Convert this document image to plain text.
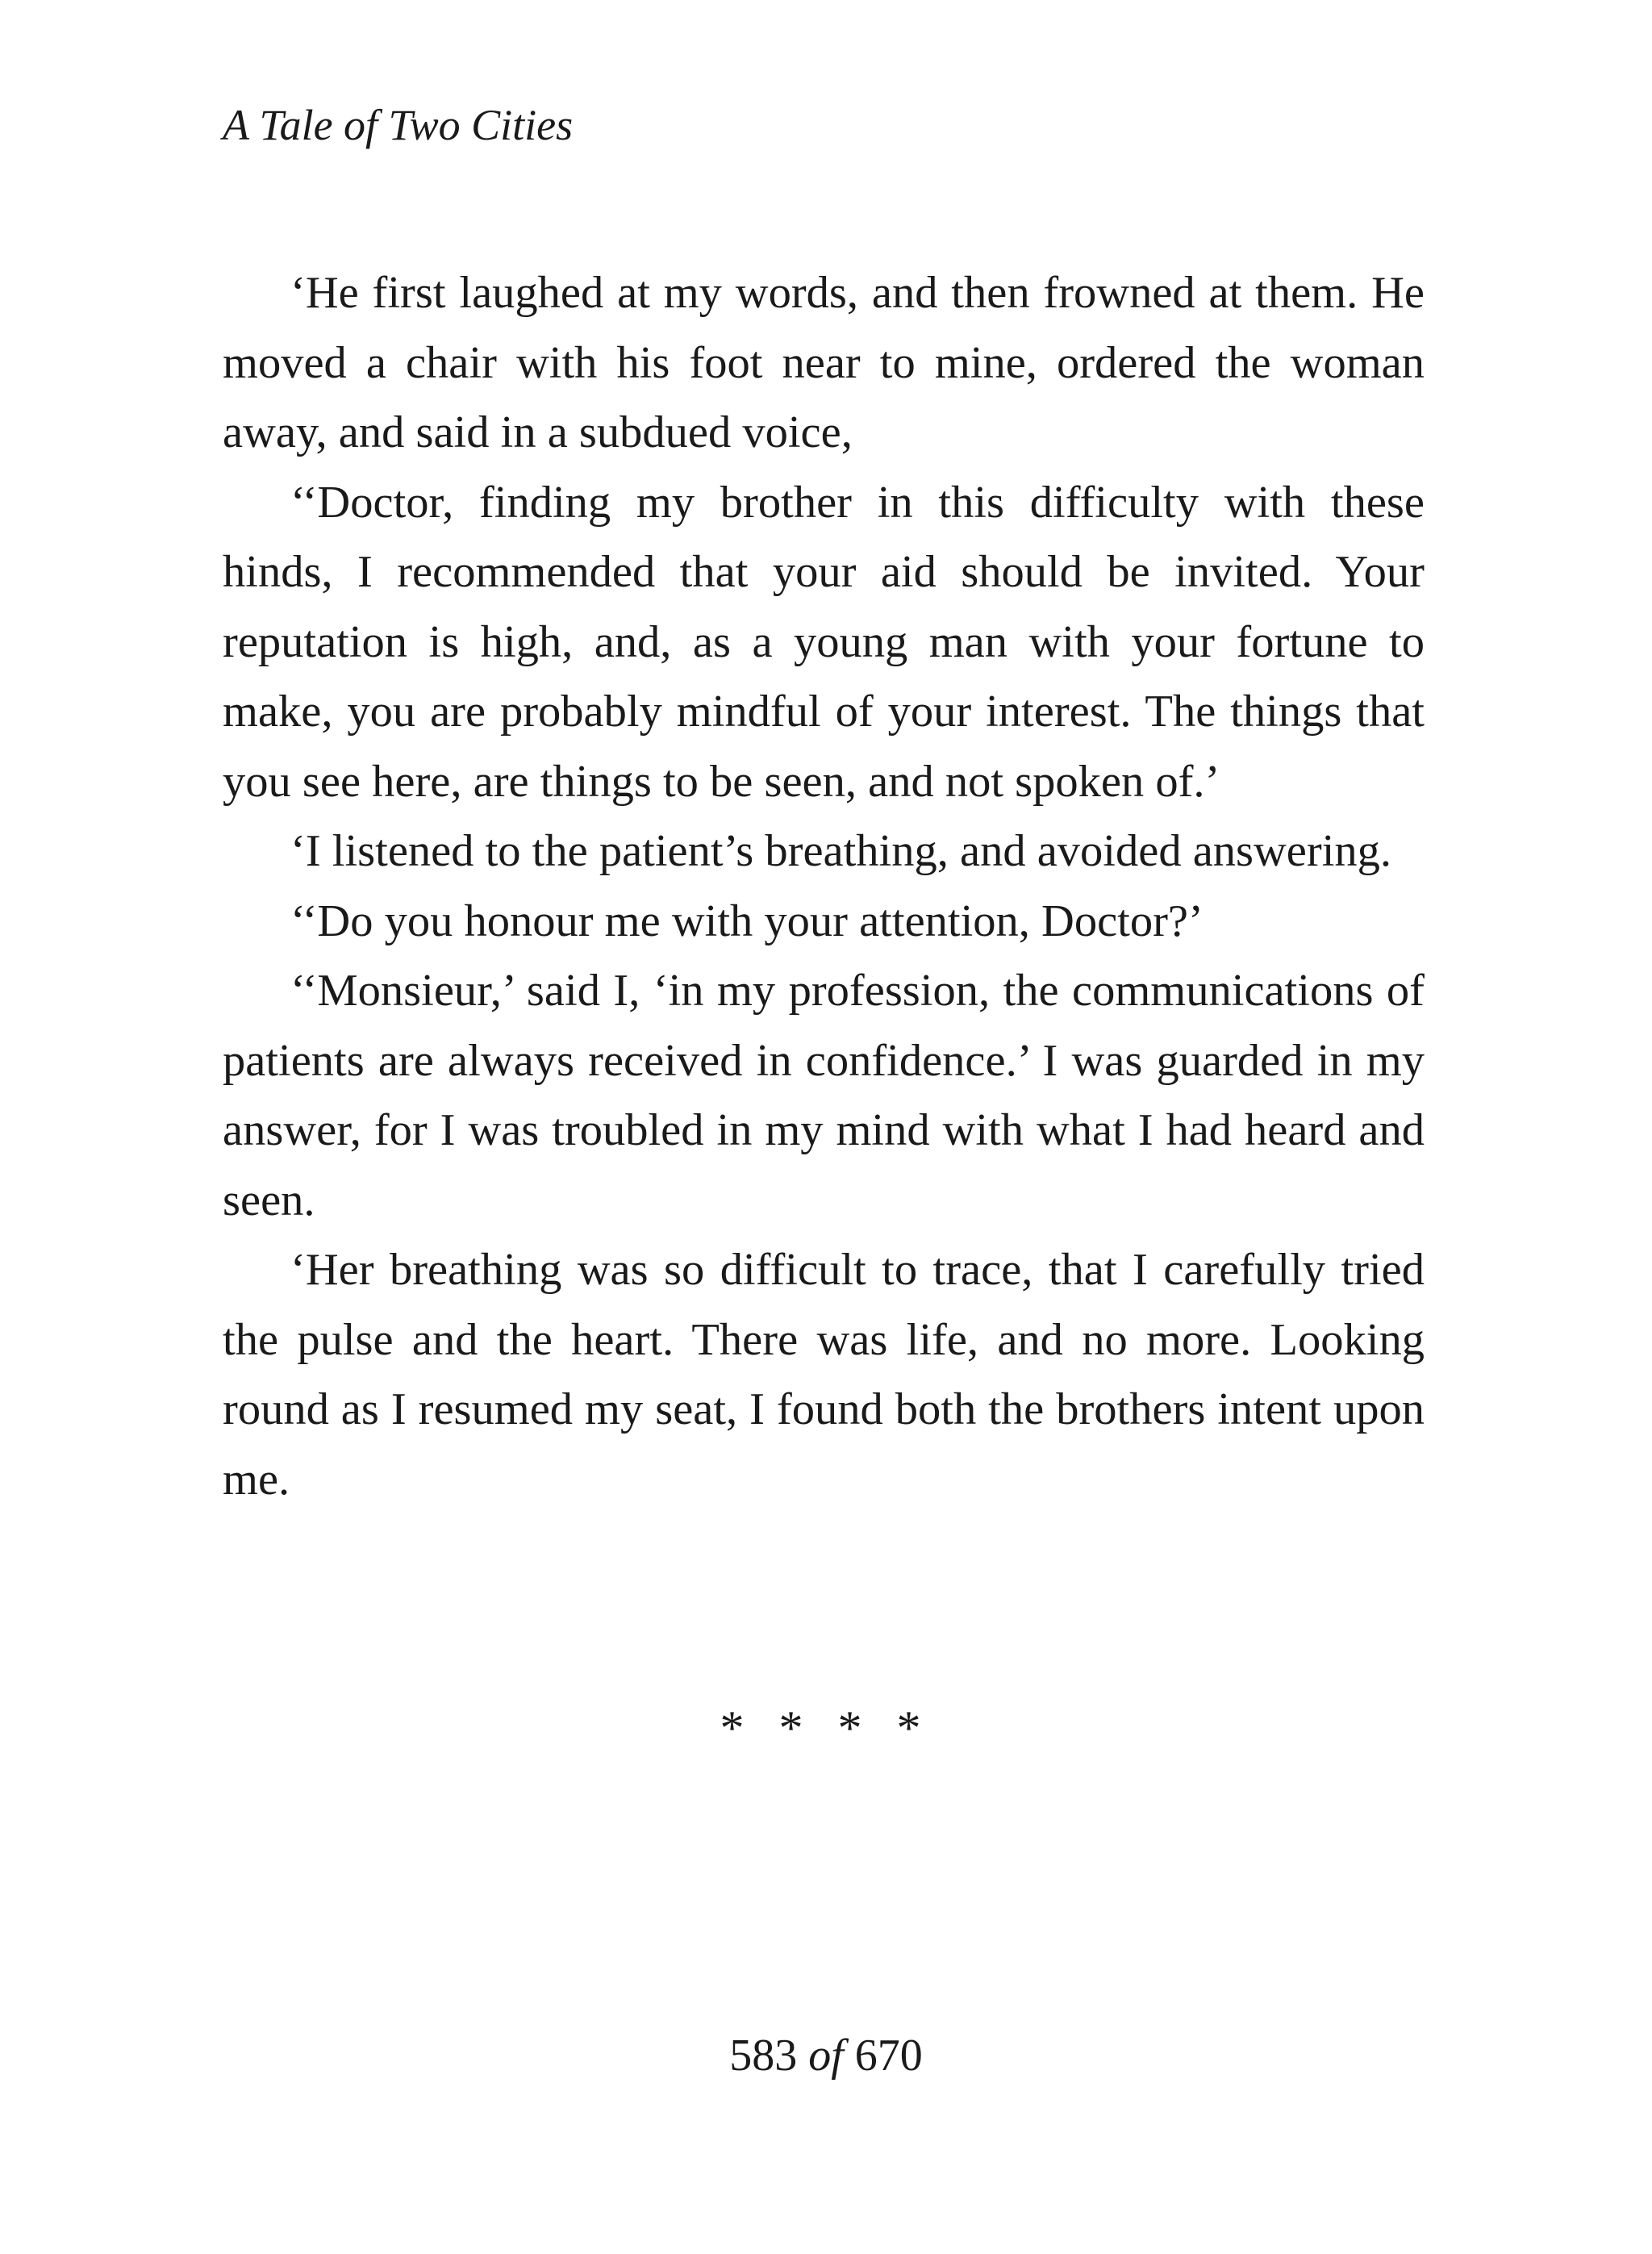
A Tale of Two Cities

‘He first laughed at my words, and then frowned at them. He moved a chair with his foot near to mine, ordered the woman away, and said in a subdued voice,

‘‘Doctor, finding my brother in this difficulty with these hinds, I recommended that your aid should be invited. Your reputation is high, and, as a young man with your fortune to make, you are probably mindful of your interest. The things that you see here, are things to be seen, and not spoken of.’

‘I listened to the patient’s breathing, and avoided answering.

‘‘Do you honour me with your attention, Doctor?’

‘‘Monsieur,’ said I, ‘in my profession, the communications of patients are always received in confidence.’ I was guarded in my answer, for I was troubled in my mind with what I had heard and seen.

‘Her breathing was so difficult to trace, that I carefully tried the pulse and the heart. There was life, and no more. Looking round as I resumed my seat, I found both the brothers intent upon me.

* * * *
583 of 670
